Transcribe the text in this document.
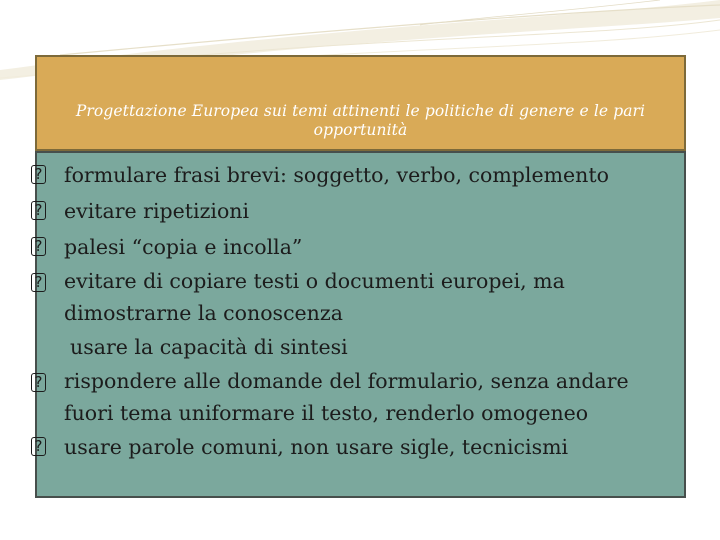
Progettazione Europea sui temi attinenti le politiche di genere e le pari opportunità
? formulare frasi brevi: soggetto, verbo, complemento
? evitare ripetizioni
? palesi “copia e incolla”
? evitare di copiare testi o documenti europei, ma
dimostrarne la conoscenza
usare la capacità di sintesi
? rispondere alle domande del formulario, senza andare
fuori tema uniformare il testo, renderlo omogeneo
? usare parole comuni, non usare sigle, tecnicismi
